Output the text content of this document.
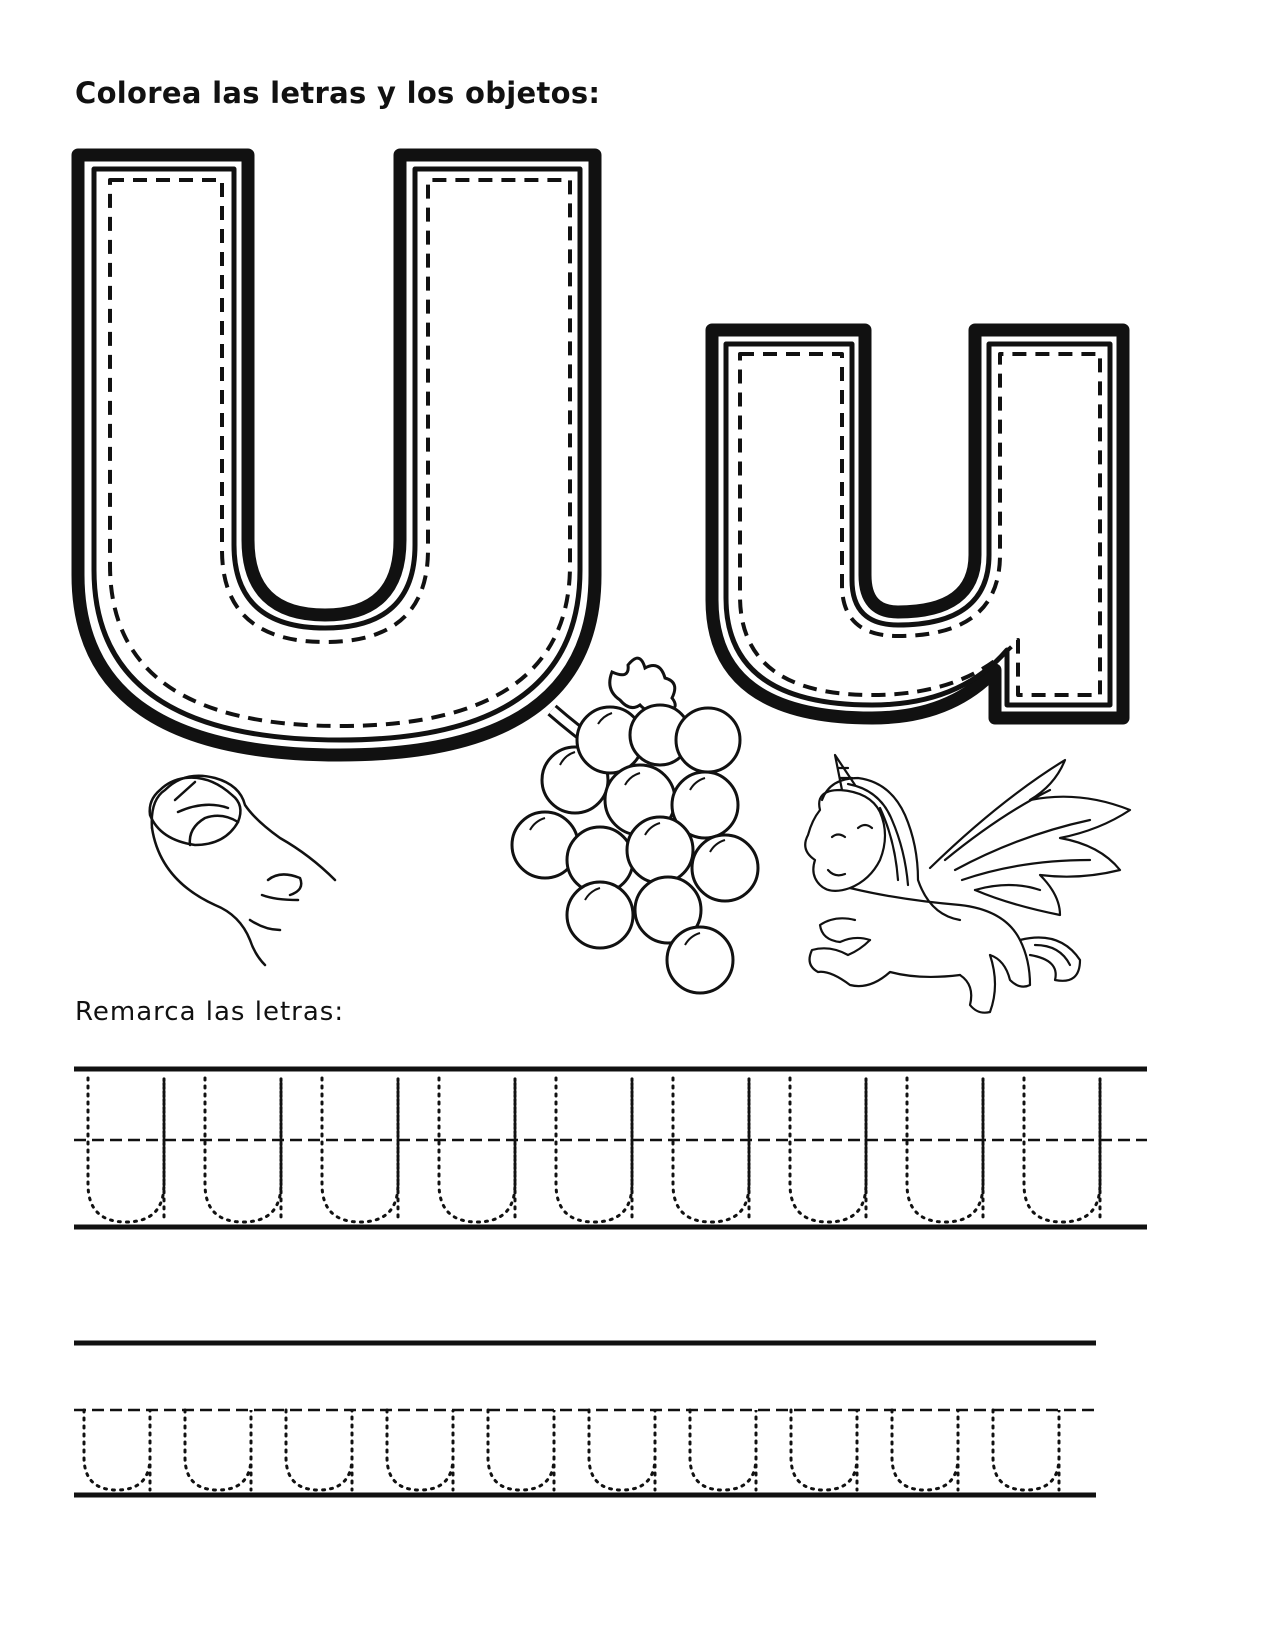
Colorea las letras y los objetos:
Remarca las letras:
